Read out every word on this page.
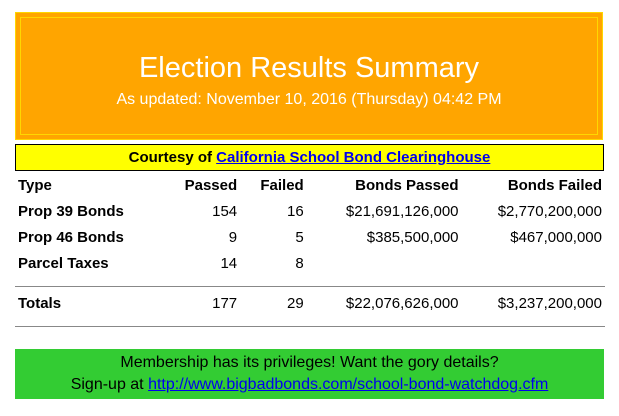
Election Results Summary
As updated: November 10, 2016 (Thursday) 04:42 PM
Courtesy of California School Bond Clearinghouse
Type	Passed	Failed	Bonds Passed	Bonds Failed
Prop 39 Bonds	154	16	$21,691,126,000	$2,770,200,000
Prop 46 Bonds	9	5	$385,500,000	$467,000,000
Parcel Taxes	14	8		

Totals	177	29	$22,076,626,000	$3,237,200,000

Membership has its privileges! Want the gory details?
Sign-up at http://www.bigbadbonds.com/school-bond-watchdog.cfm
